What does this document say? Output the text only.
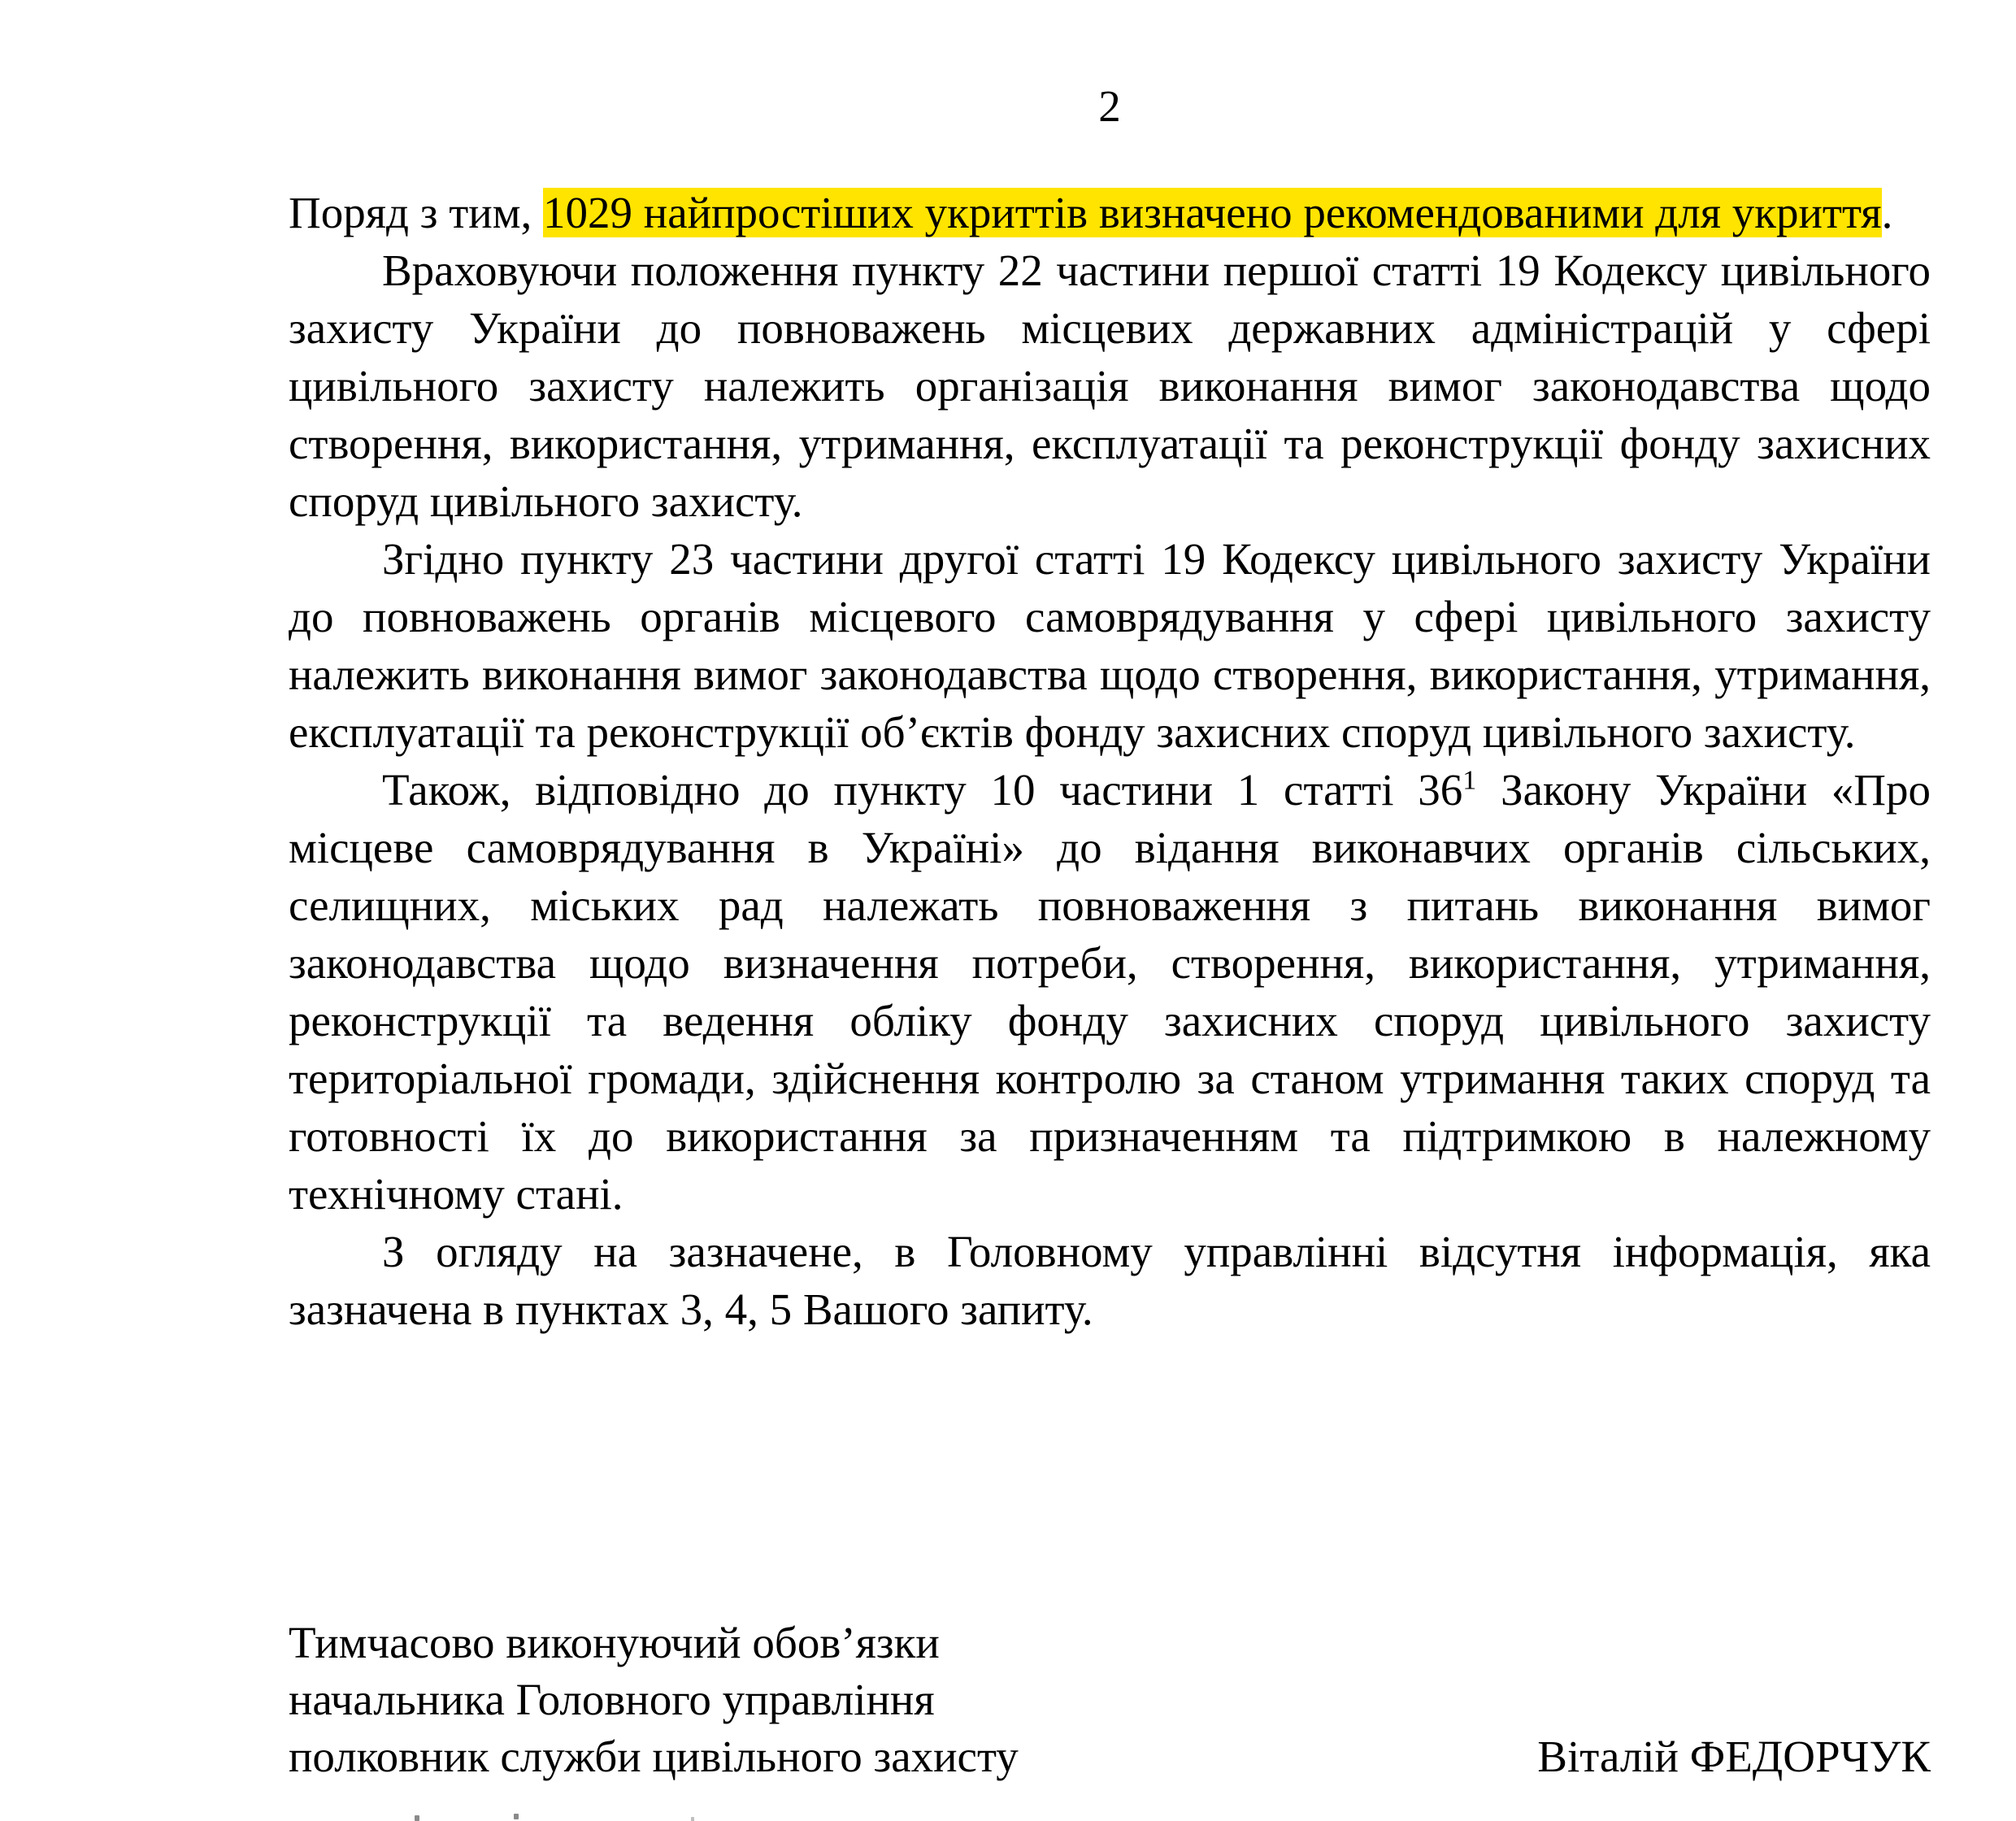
2

Поряд з тим, 1029 найпростіших укриттів визначено рекомендованими для укриття.

Враховуючи положення пункту 22 частини першої статті 19 Кодексу цивільного захисту України до повноважень місцевих державних адміністрацій у сфері цивільного захисту належить організація виконання вимог законодавства щодо створення, використання, утримання, експлуатації та реконструкції фонду захисних споруд цивільного захисту.

Згідно пункту 23 частини другої статті 19 Кодексу цивільного захисту України до повноважень органів місцевого самоврядування у сфері цивільного захисту належить виконання вимог законодавства щодо створення, використання, утримання, експлуатації та реконструкції об’єктів фонду захисних споруд цивільного захисту.

Також, відповідно до пункту 10 частини 1 статті 36$^1$ Закону України «Про місцеве самоврядування в Україні» до відання виконавчих органів сільських, селищних, міських рад належать повноваження з питань виконання вимог законодавства щодо визначення потреби, створення, використання, утримання, реконструкції та ведення обліку фонду захисних споруд цивільного захисту територіальної громади, здійснення контролю за станом утримання таких споруд та готовності їх до використання за призначенням та підтримкою в належному технічному стані.

З огляду на зазначене, в Головному управлінні відсутня інформація, яка зазначена в пунктах 3, 4, 5 Вашого запиту.

Тимчасово виконуючий обов’язки
начальника Головного управління
полковник служби цивільного захисту	Віталій ФЕДОРЧУК
